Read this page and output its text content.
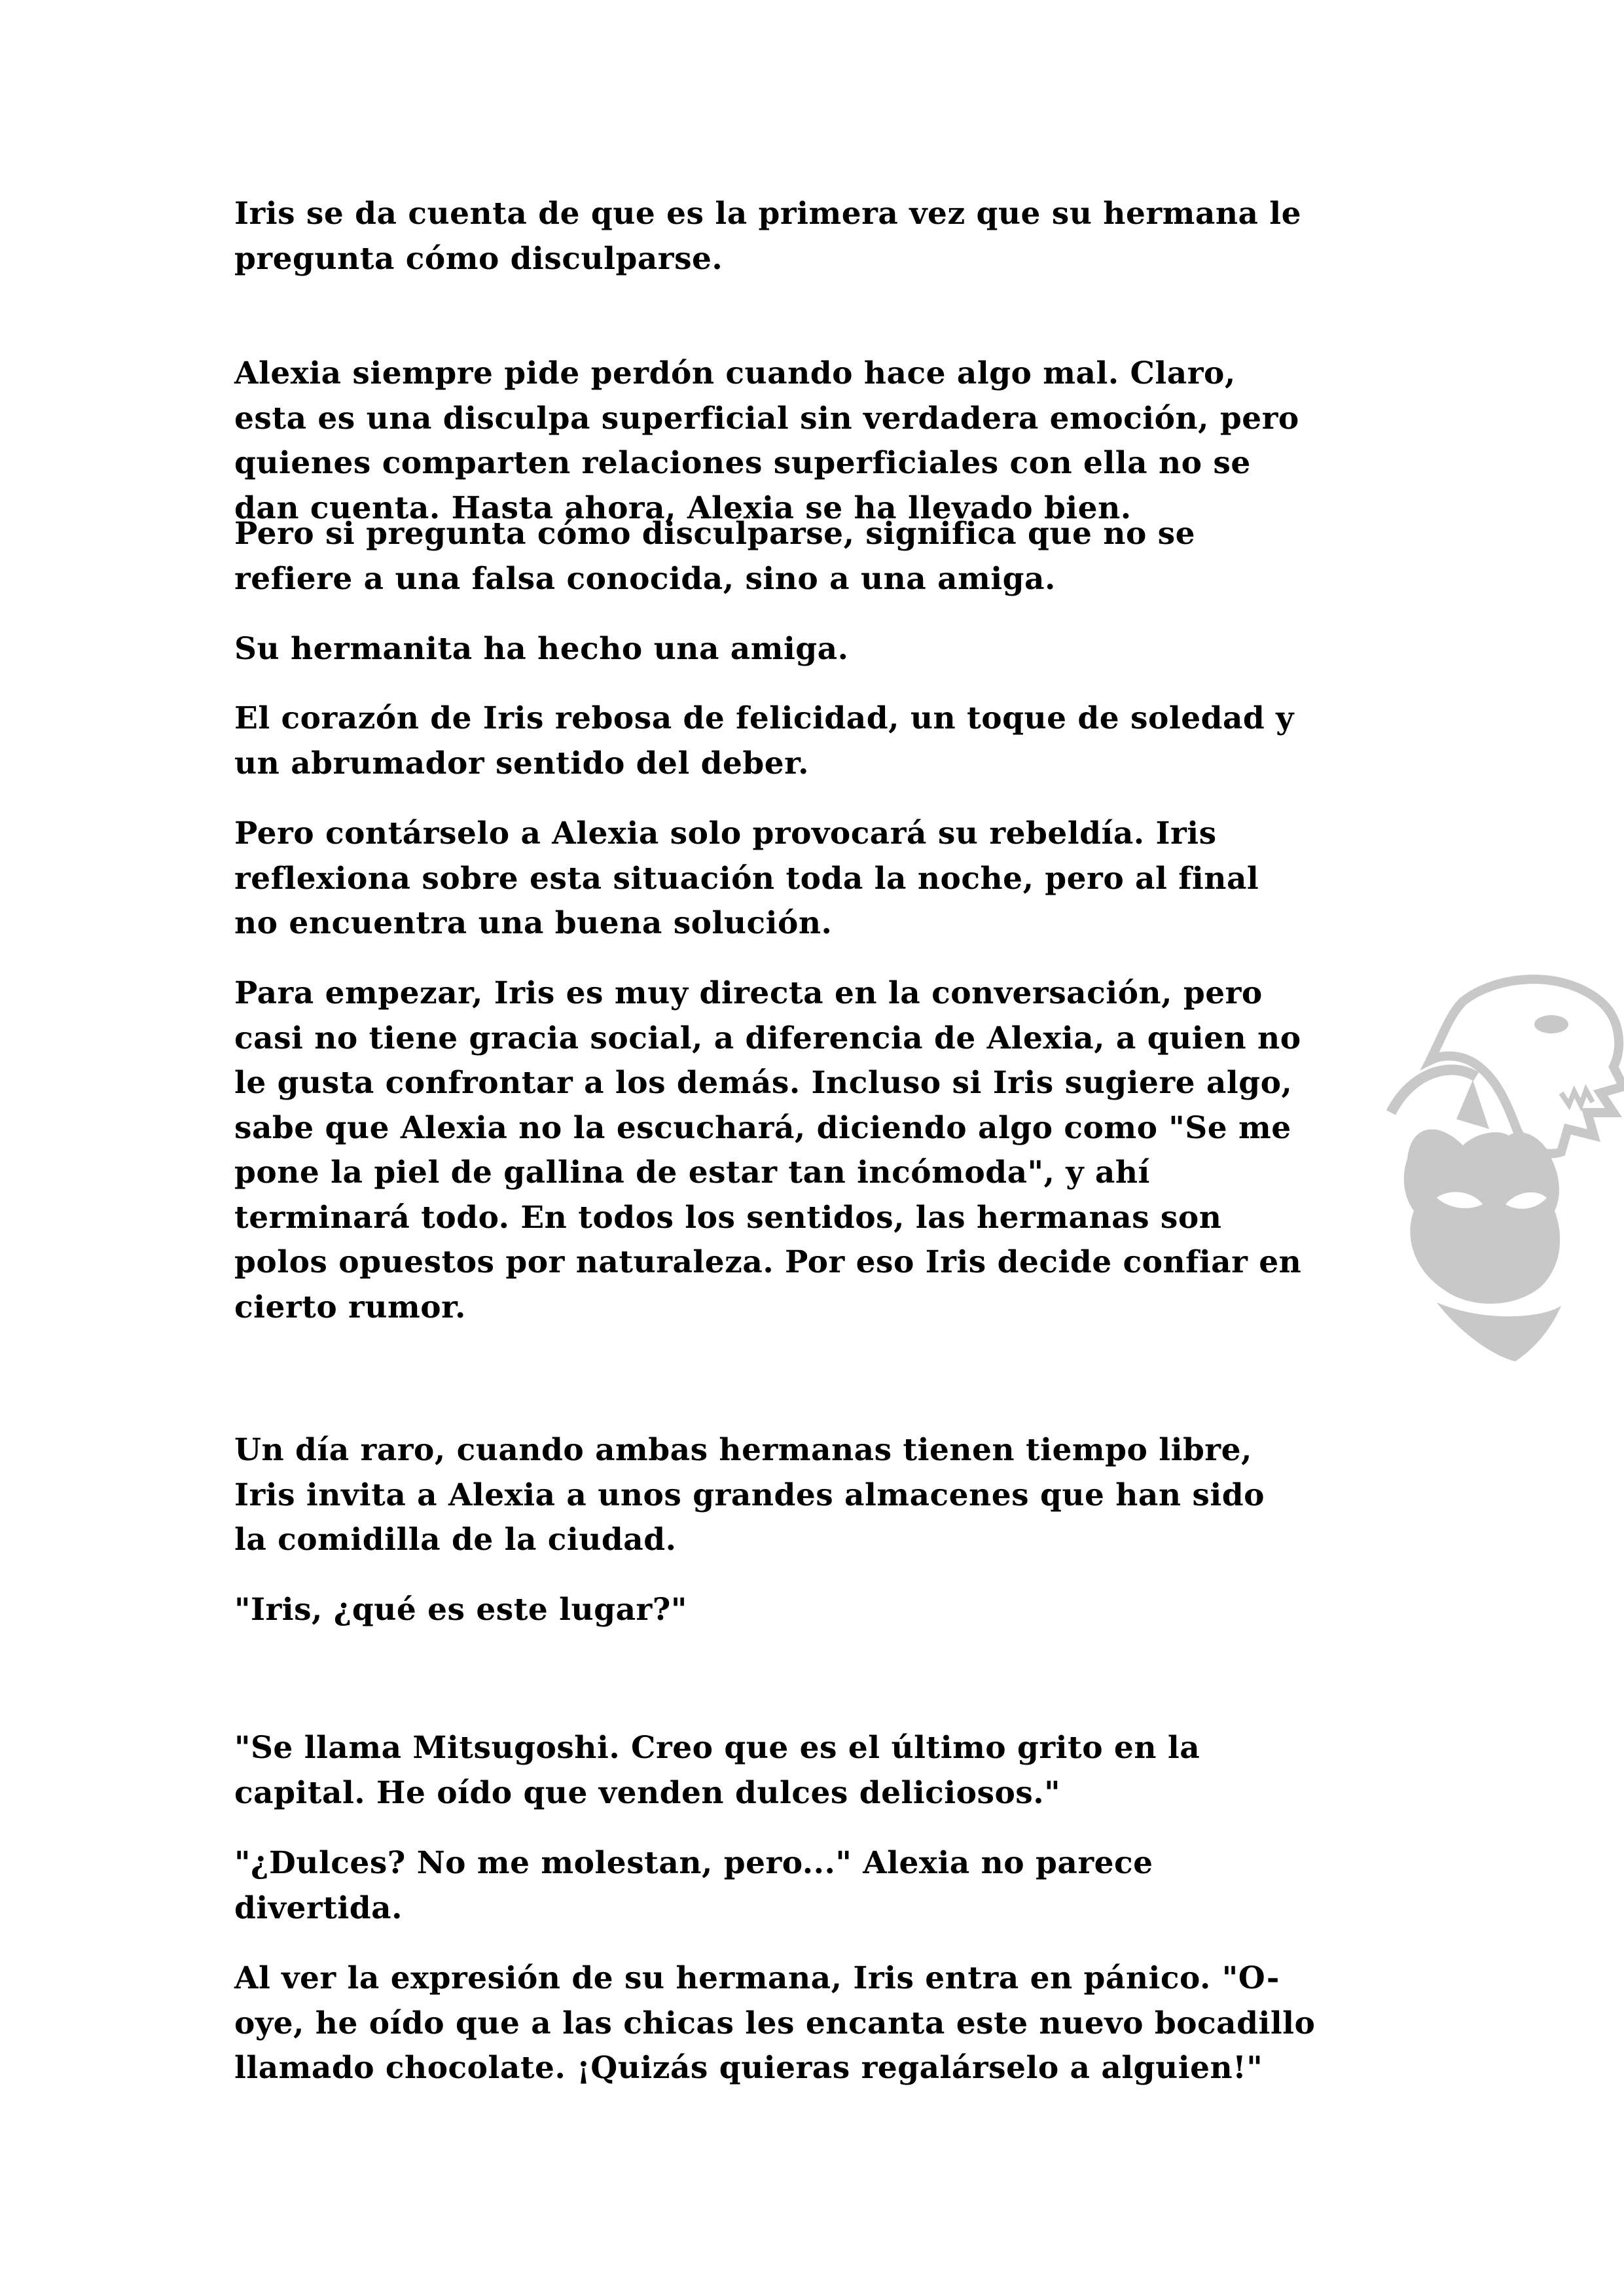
Iris se da cuenta de que es la primera vez que su hermana le
pregunta cómo disculparse.

Alexia siempre pide perdón cuando hace algo mal. Claro,
esta es una disculpa superficial sin verdadera emoción, pero
quienes comparten relaciones superficiales con ella no se
dan cuenta. Hasta ahora, Alexia se ha llevado bien.

Pero si pregunta cómo disculparse, significa que no se
refiere a una falsa conocida, sino a una amiga.

Su hermanita ha hecho una amiga.

El corazón de Iris rebosa de felicidad, un toque de soledad y
un abrumador sentido del deber.

Pero contárselo a Alexia solo provocará su rebeldía. Iris
reflexiona sobre esta situación toda la noche, pero al final
no encuentra una buena solución.

Para empezar, Iris es muy directa en la conversación, pero
casi no tiene gracia social, a diferencia de Alexia, a quien no
le gusta confrontar a los demás. Incluso si Iris sugiere algo,
sabe que Alexia no la escuchará, diciendo algo como "Se me
pone la piel de gallina de estar tan incómoda", y ahí
terminará todo. En todos los sentidos, las hermanas son
polos opuestos por naturaleza. Por eso Iris decide confiar en
cierto rumor.

Un día raro, cuando ambas hermanas tienen tiempo libre,
Iris invita a Alexia a unos grandes almacenes que han sido
la comidilla de la ciudad.

"Iris, ¿qué es este lugar?"

"Se llama Mitsugoshi. Creo que es el último grito en la
capital. He oído que venden dulces deliciosos."

"¿Dulces? No me molestan, pero..." Alexia no parece
divertida.

Al ver la expresión de su hermana, Iris entra en pánico. "O-
oye, he oído que a las chicas les encanta este nuevo bocadillo
llamado chocolate. ¡Quizás quieras regalárselo a alguien!"
